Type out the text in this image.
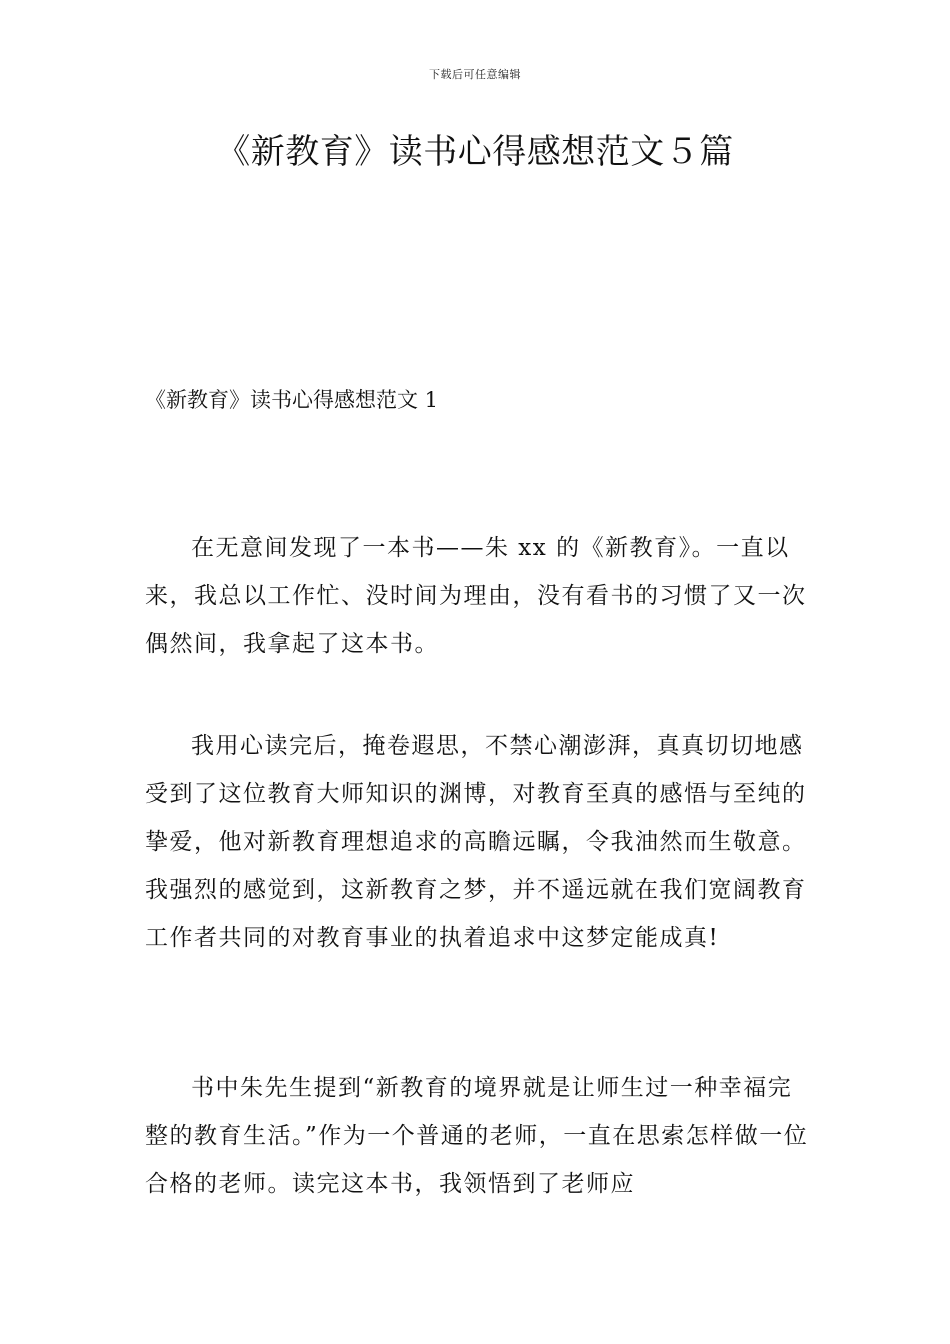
下载后可任意编辑
《新教育》读书心得感想范文５篇
《新教育》读书心得感想范文 1

在无意间发现了一本书——朱 xx 的《新教育》。一直以来，我总以工作忙、没时间为理由，没有看书的习惯了又一次偶然间，我拿起了这本书。

我用心读完后，掩卷遐思，不禁心潮澎湃，真真切切地感受到了这位教育大师知识的渊博，对教育至真的感悟与至纯的挚爱，他对新教育理想追求的高瞻远瞩，令我油然而生敬意。我强烈的感觉到，这新教育之梦，并不遥远就在我们宽阔教育工作者共同的对教育事业的执着追求中这梦定能成真!

书中朱先生提到“新教育的境界就是让师生过一种幸福完整的教育生活。”作为一个普通的老师，一直在思索怎样做一位合格的老师。读完这本书，我领悟到了老师应
